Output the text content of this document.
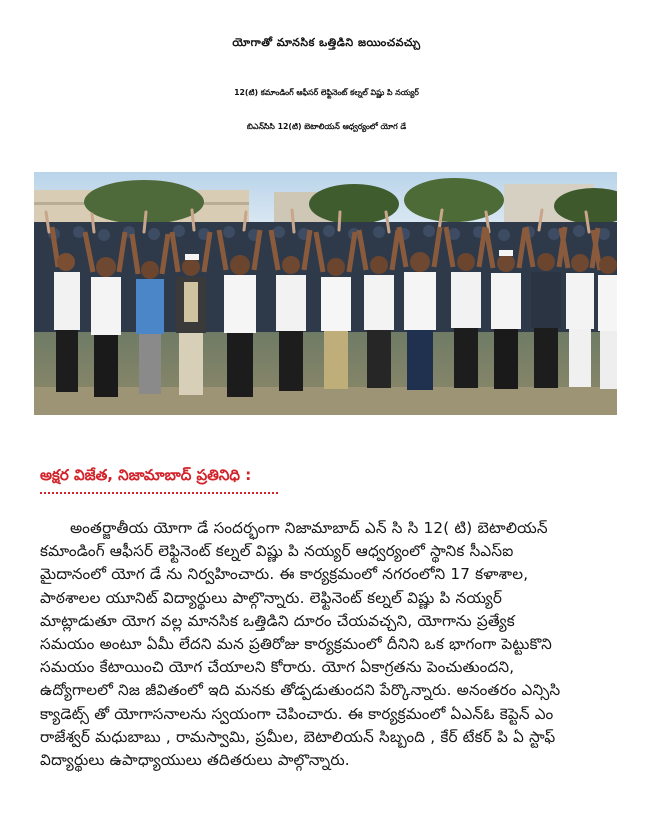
యోగాతో మానసిక ఒత్తిడిని జయించవచ్చు
12(టి) కమాండింగ్ ఆఫీసర్ లెఫ్టినెంట్ కల్నల్ విష్ణు పి నయ్యర్
బిఎన్‌సిసి 12(టి) బెటాలియన్ ఆధ్వర్యంలో యోగ డే
అక్షర విజేత, నిజామాబాద్ ప్రతినిధి :
అంతర్జాతీయ యోగా డే సందర్భంగా నిజామాబాద్ ఎన్ సి సి 12( టి) బెటాలియన్
కమాండింగ్ ఆఫీసర్ లెఫ్టినెంట్ కల్నల్ విష్ణు పి నయ్యర్ ఆధ్వర్యంలో స్థానిక సీఎస్ఐ
మైదానంలో యోగ డే ను నిర్వహించారు. ఈ కార్యక్రమంలో నగరంలోని 17 కళాశాల,
పాఠశాలల యూనిట్ విద్యార్థులు పాల్గొన్నారు. లెఫ్టినెంట్ కల్నల్ విష్ణు పి నయ్యర్
మాట్లాడుతూ యోగ వల్ల మానసిక ఒత్తిడిని దూరం చేయవచ్చని, యోగాను ప్రత్యేక
సమయం అంటూ ఏమీ లేదని మన ప్రతిరోజు కార్యక్రమంలో దీనిని ఒక భాగంగా పెట్టుకొని
సమయం కేటాయించి యోగ చేయాలని కోరారు. యోగ ఏకాగ్రతను పెంచుతుందని,
ఉద్యోగాలలో నిజ జీవితంలో ఇది మనకు తోడ్పడుతుందని పేర్కొన్నారు. అనంతరం ఎన్సిసి
క్యాడెట్స్ తో యోగాసనాలను స్వయంగా చెపించారు. ఈ కార్యక్రమంలో ఏఎన్ఓ కెప్టెన్ ఎం
రాజేశ్వర్ మధుబాబు , రామస్వామి, ప్రమీల, బెటాలియన్ సిబ్బంది , కేర్ టేకర్ పి ఏ స్టాఫ్
విద్యార్థులు ఉపాధ్యాయులు తదితరులు పాల్గొన్నారు.
